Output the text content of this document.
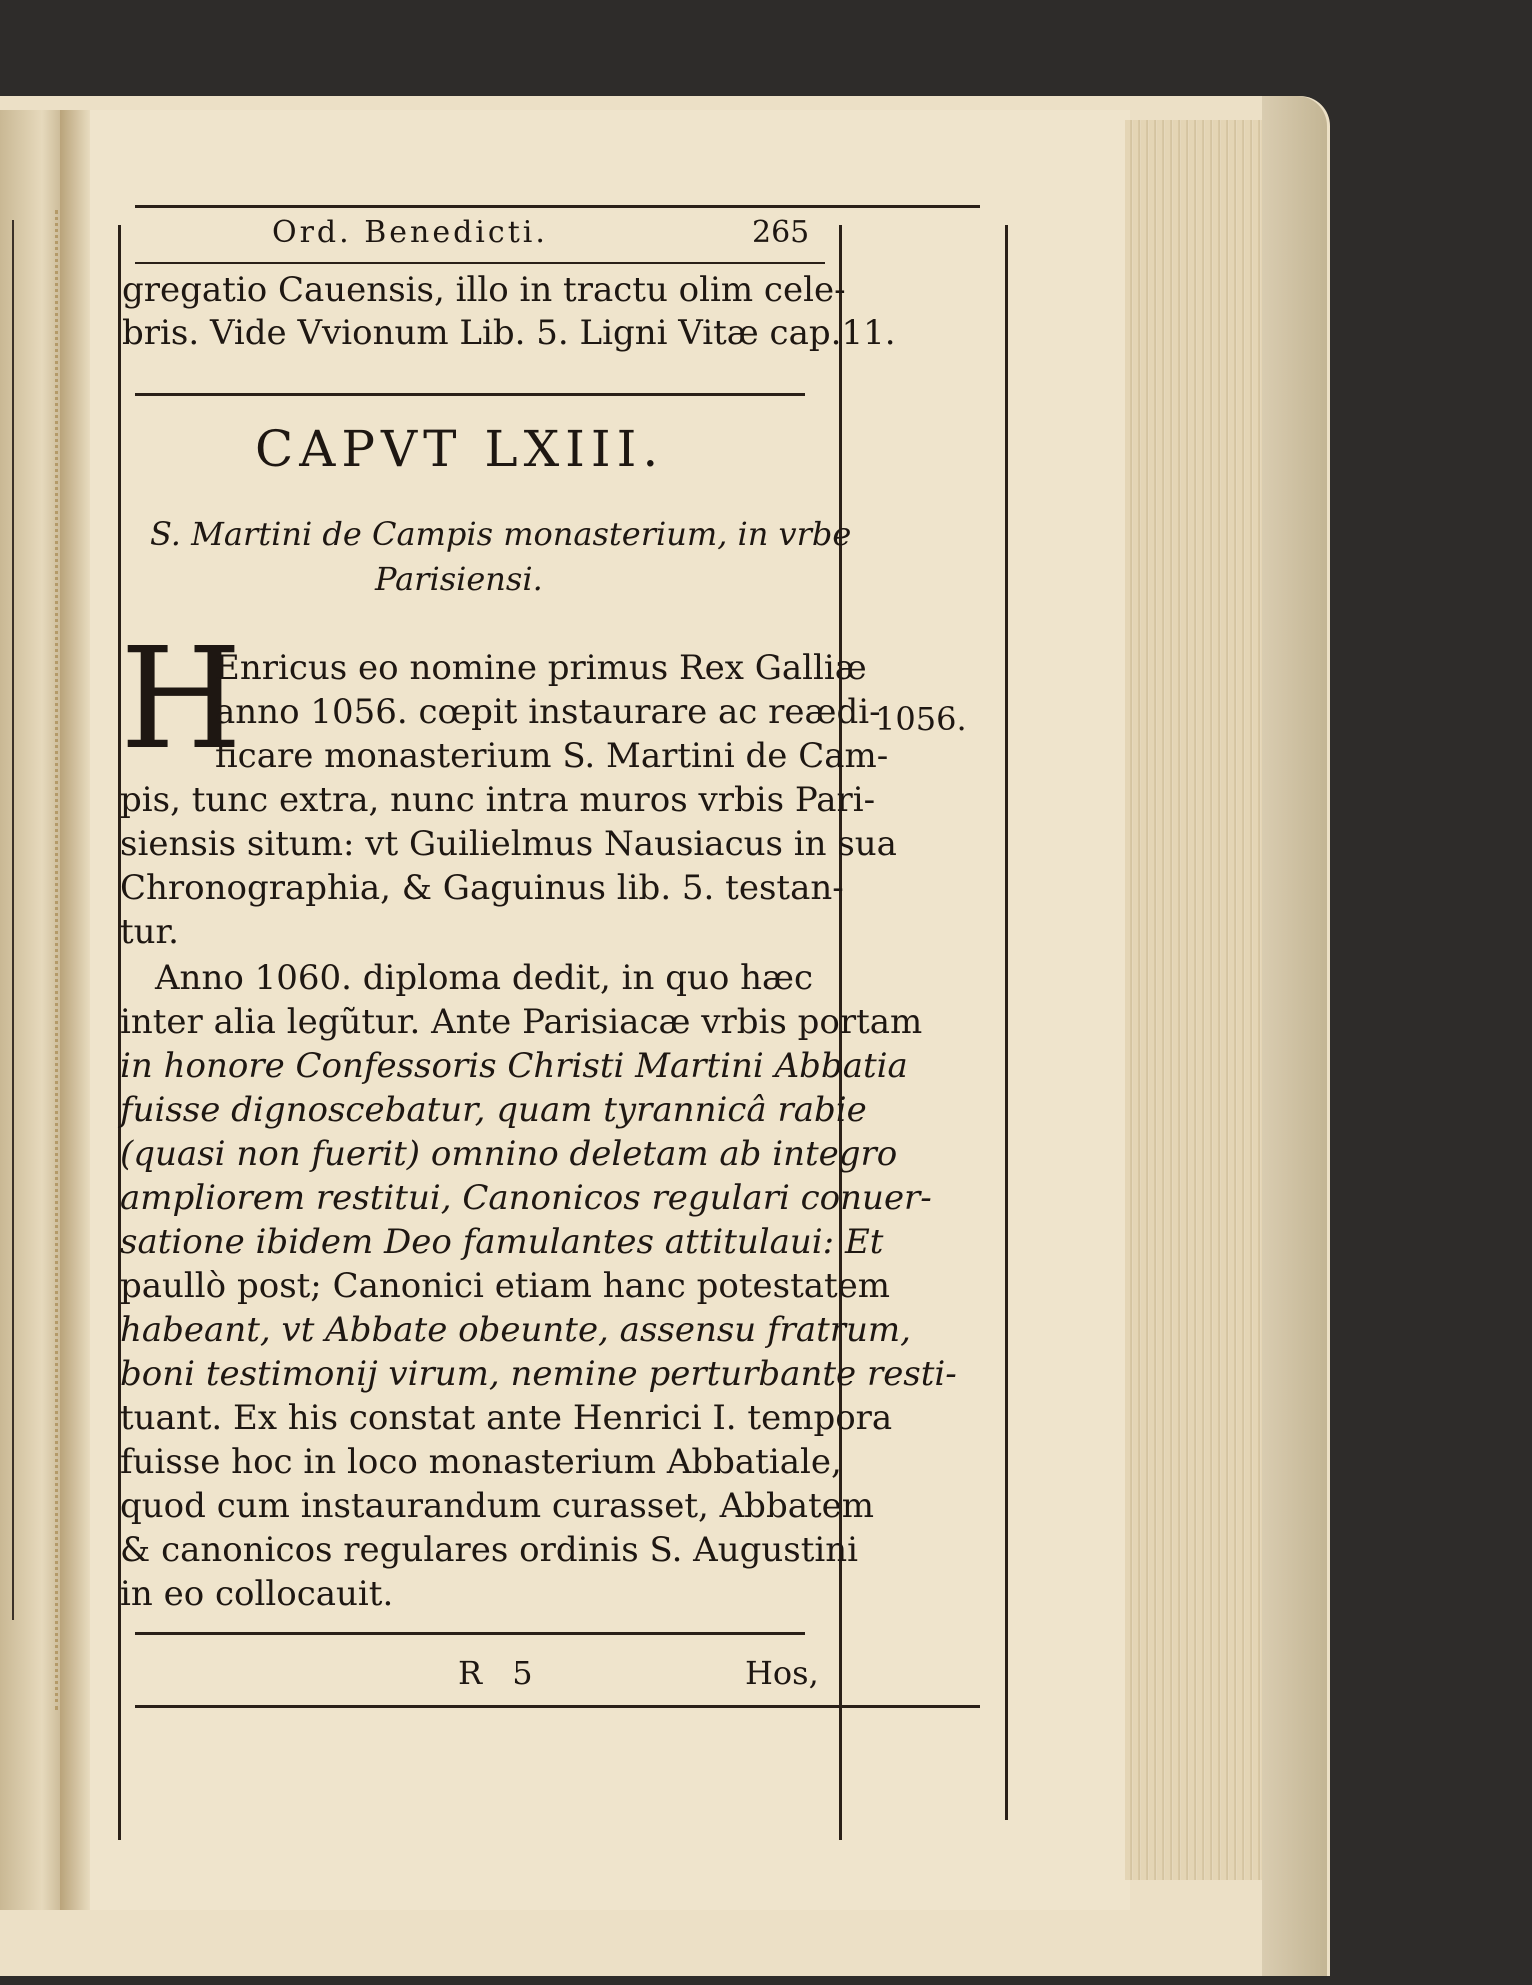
Ord. Benedicti.	265
gregatio Cauensis, illo in tractu olim cele-
bris. Vide Vvionum Lib. 5. Ligni Vitæ cap.11.
CAPVT LXIII.
S. Martini de Campis monasterium, in vrbe
Parisiensi.
H
Enricus eo nomine primus Rex Galliæ
anno 1056. cœpit instaurare ac reædi-
ficare monasterium S. Martini de Cam-
pis, tunc extra, nunc intra muros vrbis Pari-
siensis situm: vt Guilielmus Nausiacus in sua
Chronographia, & Gaguinus lib. 5. testan-
tur.
Anno 1060. diploma dedit, in quo hæc
inter alia legũtur. Ante Parisiacæ vrbis portam
in honore Confessoris Christi Martini Abbatia
fuisse dignoscebatur, quam tyrannicâ rabie
(quasi non fuerit) omnino deletam ab integro
ampliorem restitui, Canonicos regulari conuer-
satione ibidem Deo famulantes attitulaui: Et
paullò post; Canonici etiam hanc potestatem
habeant, vt Abbate obeunte, assensu fratrum,
boni testimonij virum, nemine perturbante resti-
tuant. Ex his constat ante Henrici I. tempora
fuisse hoc in loco monasterium Abbatiale,
quod cum instaurandum curasset, Abbatem
& canonicos regulares ordinis S. Augustini
in eo collocauit.
1056.
R 5	Hos,
